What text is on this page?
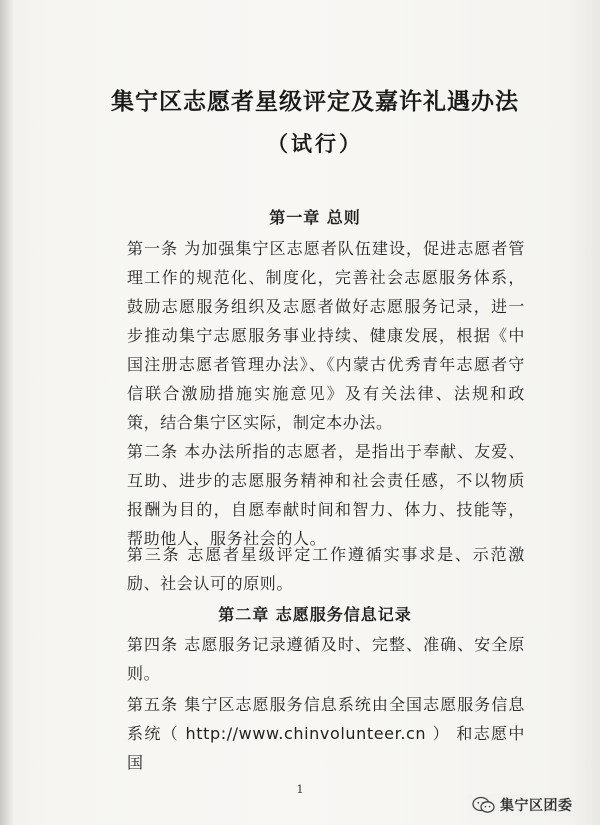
集宁区志愿者星级评定及嘉许礼遇办法
（试行）
第一章 总则
第一条 为加强集宁区志愿者队伍建设，促进志愿者管理工作的规范化、制度化，完善社会志愿服务体系，鼓励志愿服务组织及志愿者做好志愿服务记录，进一步推动集宁志愿服务事业持续、健康发展，根据《中国注册志愿者管理办法》、《内蒙古优秀青年志愿者守信联合激励措施实施意见》及有关法律、法规和政策，结合集宁区实际，制定本办法。
第二条 本办法所指的志愿者，是指出于奉献、友爱、互助、进步的志愿服务精神和社会责任感，不以物质报酬为目的，自愿奉献时间和智力、体力、技能等，帮助他人、服务社会的人。
第三条 志愿者星级评定工作遵循实事求是、示范激励、社会认可的原则。
第二章 志愿服务信息记录
第四条 志愿服务记录遵循及时、完整、准确、安全原则。
第五条 集宁区志愿服务信息系统由全国志愿服务信息系统（ http://www.chinvolunteer.cn ） 和志愿中国
1
集宁区团委
